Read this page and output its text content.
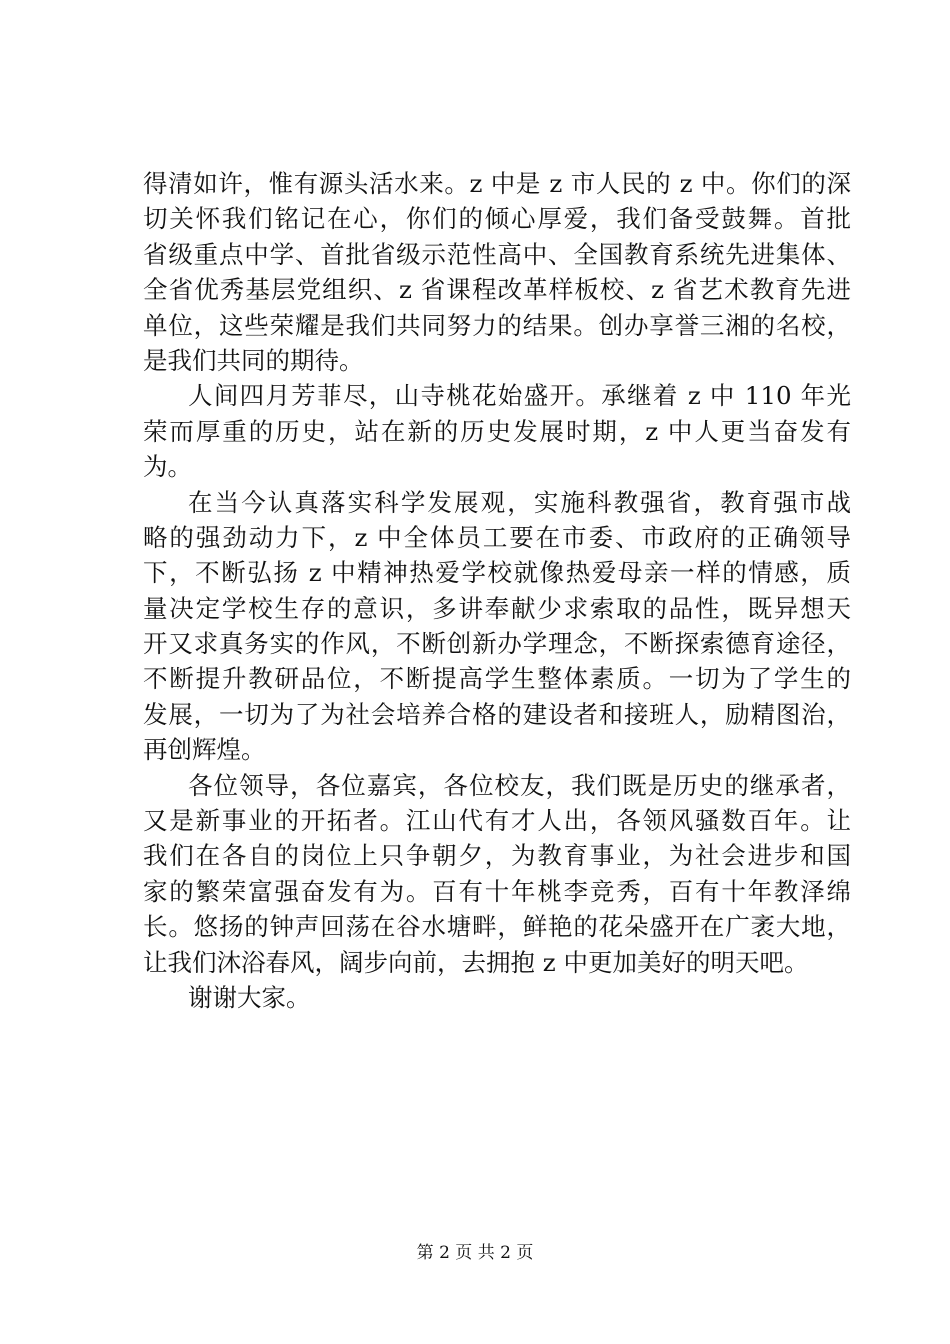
得清如许，惟有源头活水来。z 中是 z 市人民的 z 中。你们的深
切关怀我们铭记在心，你们的倾心厚爱，我们备受鼓舞。首批
省级重点中学、首批省级示范性高中、全国教育系统先进集体、
全省优秀基层党组织、z 省课程改革样板校、z 省艺术教育先进
单位，这些荣耀是我们共同努力的结果。创办享誉三湘的名校，
是我们共同的期待。
人间四月芳菲尽，山寺桃花始盛开。承继着 z 中 110 年光
荣而厚重的历史，站在新的历史发展时期，z 中人更当奋发有
为。
在当今认真落实科学发展观，实施科教强省，教育强市战
略的强劲动力下，z 中全体员工要在市委、市政府的正确领导
下，不断弘扬 z 中精神热爱学校就像热爱母亲一样的情感，质
量决定学校生存的意识，多讲奉献少求索取的品性，既异想天
开又求真务实的作风，不断创新办学理念，不断探索德育途径，
不断提升教研品位，不断提高学生整体素质。一切为了学生的
发展，一切为了为社会培养合格的建设者和接班人，励精图治，
再创辉煌。
各位领导，各位嘉宾，各位校友，我们既是历史的继承者，
又是新事业的开拓者。江山代有才人出，各领风骚数百年。让
我们在各自的岗位上只争朝夕，为教育事业，为社会进步和国
家的繁荣富强奋发有为。百有十年桃李竞秀，百有十年教泽绵
长。悠扬的钟声回荡在谷水塘畔，鲜艳的花朵盛开在广袤大地，
让我们沐浴春风，阔步向前，去拥抱 z 中更加美好的明天吧。
谢谢大家。
第 2 页 共 2 页
